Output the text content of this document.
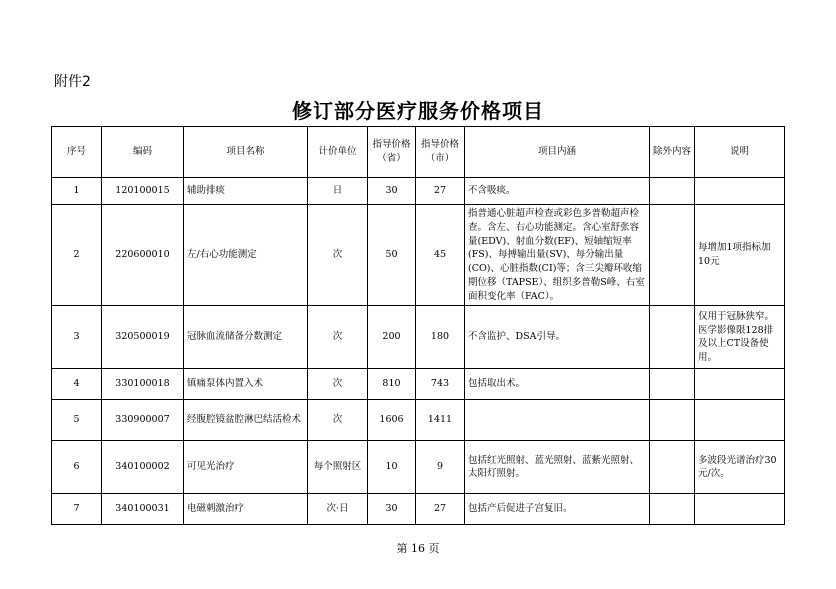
附件2
修订部分医疗服务价格项目
序号	编码	项目名称	计价单位	指导价格（省）	指导价格（市）	项目内涵	除外内容	说明
1	120100015	辅助排痰	日	30	27	不含吸痰。		
2	220600010	左/右心功能测定	次	50	45	指普通心脏超声检查或彩色多普勒超声检查。含左、右心功能测定。含心室舒张容量(EDV)、射血分数(EF)、短轴缩短率(FS)、每搏输出量(SV)、每分输出量(CO)、心脏指数(CI)等；含三尖瓣环收缩期位移（TAPSE）、组织多普勒S峰、右室面积变化率（FAC）。		每增加1项指标加10元
3	320500019	冠脉血流储备分数测定	次	200	180	不含监护、DSA引导。		仅用于冠脉狭窄。医学影像限128排及以上CT设备使用。
4	330100018	镇痛泵体内置入术	次	810	743	包括取出术。		
5	330900007	经腹腔镜盆腔淋巴结活检术	次	1606	1411			
6	340100002	可见光治疗	每个照射区	10	9	包括红光照射、蓝光照射、蓝紫光照射、太阳灯照射。		多波段光谱治疗30元/次。
7	340100031	电磁刺激治疗	次·日	30	27	包括产后促进子宫复旧。		
第 16 页
